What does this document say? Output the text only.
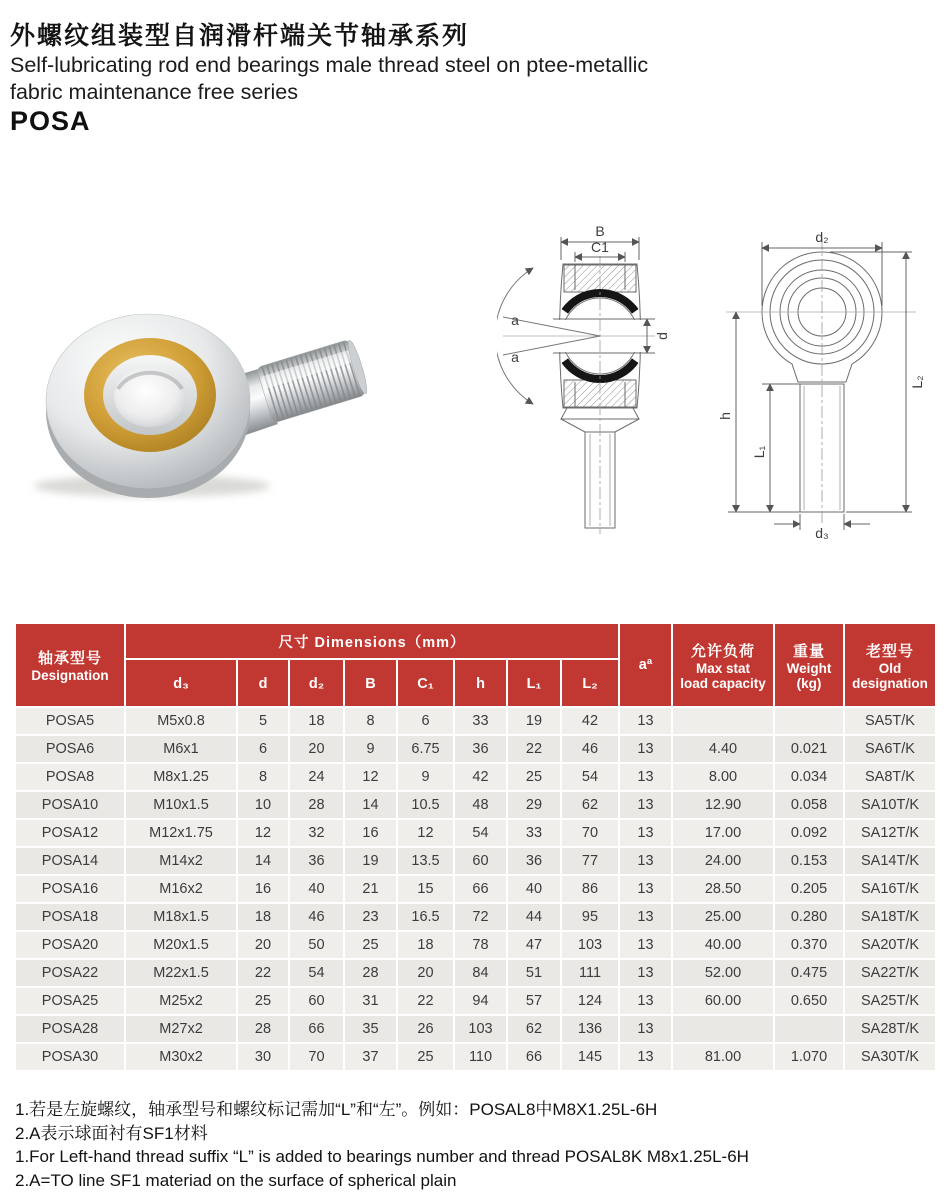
外螺纹组装型自润滑杆端关节轴承系列
Self-lubricating rod end bearings male thread steel on ptee-metallic
fabric maintenance free series
POSA
B
C1
a
a
d
d₂
L₂
h
L₁
d₃
轴承型号
Designation	尺寸 Dimensions（mm）								aª	允许负荷
Max stat
load capacity	重量
Weight
(kg)	老型号
Old
designation

	d₃	d	d₂	B	C₁	h	L₁	L₂				
POSA5	M5x0.8	5	18	8	6	33	19	42	13			SA5T/K
POSA6	M6x1	6	20	9	6.75	36	22	46	13	4.40	0.021	SA6T/K
POSA8	M8x1.25	8	24	12	9	42	25	54	13	8.00	0.034	SA8T/K
POSA10	M10x1.5	10	28	14	10.5	48	29	62	13	12.90	0.058	SA10T/K
POSA12	M12x1.75	12	32	16	12	54	33	70	13	17.00	0.092	SA12T/K
POSA14	M14x2	14	36	19	13.5	60	36	77	13	24.00	0.153	SA14T/K
POSA16	M16x2	16	40	21	15	66	40	86	13	28.50	0.205	SA16T/K
POSA18	M18x1.5	18	46	23	16.5	72	44	95	13	25.00	0.280	SA18T/K
POSA20	M20x1.5	20	50	25	18	78	47	103	13	40.00	0.370	SA20T/K
POSA22	M22x1.5	22	54	28	20	84	51	111	13	52.00	0.475	SA22T/K
POSA25	M25x2	25	60	31	22	94	57	124	13	60.00	0.650	SA25T/K
POSA28	M27x2	28	66	35	26	103	62	136	13			SA28T/K
POSA30	M30x2	30	70	37	25	110	66	145	13	81.00	1.070	SA30T/K
1.若是左旋螺纹，轴承型号和螺纹标记需加“L”和“左”。例如：POSAL8中M8X1.25L-6H
2.A表示球面衬有SF1材料
1.For Left-hand thread suffix “L” is added to bearings number and thread POSAL8K M8x1.25L-6H
2.A=TO line SF1 materiad on the surface of spherical plain
